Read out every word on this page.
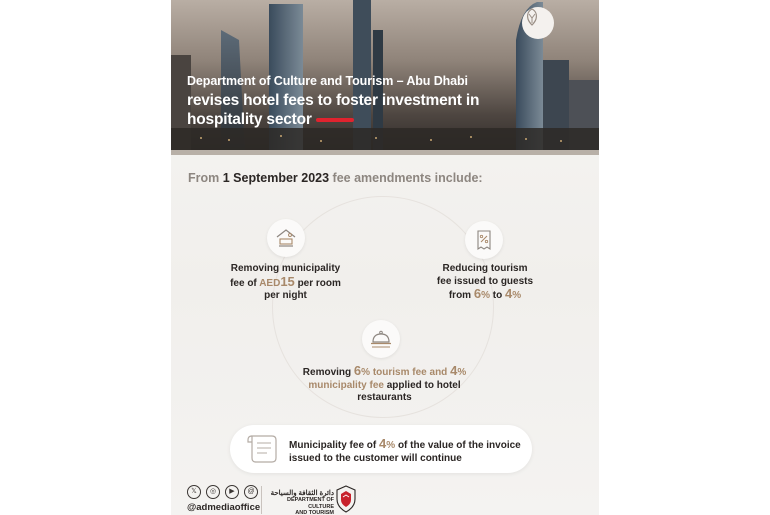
Department of Culture and Tourism – Abu Dhabi
revises hotel fees to foster investment in hospitality sector
From 1 September 2023 fee amendments include:
Removing municipality
fee of AED15 per room
per night
Reducing tourism
fee issued to guests
from 6% to 4%
Removing 6% tourism fee and 4%
municipality fee applied to hotel
restaurants
Municipality fee of 4% of the value of the invoice
issued to the customer will continue
𝕏	◎	▶	@
@admediaoffice
دائرة الثقافة والسياحة
DEPARTMENT OF CULTURE
AND TOURISM
